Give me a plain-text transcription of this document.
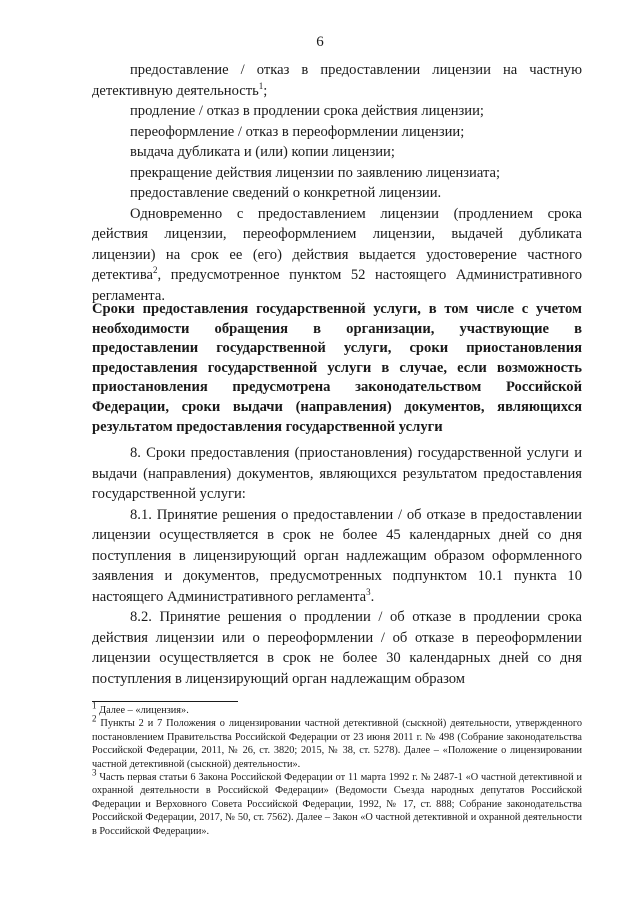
6

предоставление / отказ в предоставлении лицензии на частную детективную деятельность$^1$;

продление / отказ в продлении срока действия лицензии;

переоформление / отказ в переоформлении лицензии;

выдача дубликата и (или) копии лицензии;

прекращение действия лицензии по заявлению лицензиата;

предоставление сведений о конкретной лицензии.

Одновременно с предоставлением лицензии (продлением срока действия лицензии, переоформлением лицензии, выдачей дубликата лицензии) на срок ее (его) действия выдается удостоверение частного детектива$^2$, предусмотренное пунктом 52 настоящего Административного регламента.

Сроки предоставления государственной услуги, в том числе с учетом необходимости обращения в организации, участвующие в предоставлении государственной услуги, сроки приостановления предоставления государственной услуги в случае, если возможность приостановления предусмотрена законодательством Российской Федерации, сроки выдачи (направления) документов, являющихся результатом предоставления государственной услуги

8. Сроки предоставления (приостановления) государственной услуги и выдачи (направления) документов, являющихся результатом предоставления государственной услуги:

8.1. Принятие решения о предоставлении / об отказе в предоставлении лицензии осуществляется в срок не более 45 календарных дней со дня поступления в лицензирующий орган надлежащим образом оформленного заявления и документов, предусмотренных подпунктом 10.1 пункта 10 настоящего Административного регламента$^3$.

8.2. Принятие решения о продлении / об отказе в продлении срока действия лицензии или о переоформлении / об отказе в переоформлении лицензии осуществляется в срок не более 30 календарных дней со дня поступления в лицензирующий орган надлежащим образом

$^1$ Далее – «лицензия».

$^2$ Пункты 2 и 7 Положения о лицензировании частной детективной (сыскной) деятельности, утвержденного постановлением Правительства Российской Федерации от 23 июня 2011 г. № 498 (Собрание законодательства Российской Федерации, 2011, № 26, ст. 3820; 2015, № 38, ст. 5278). Далее – «Положение о лицензировании частной детективной (сыскной) деятельности».

$^3$ Часть первая статьи 6 Закона Российской Федерации от 11 марта 1992 г. № 2487-1 «О частной детективной и охранной деятельности в Российской Федерации» (Ведомости Съезда народных депутатов Российской Федерации и Верховного Совета Российской Федерации, 1992, № 17, ст. 888; Собрание законодательства Российской Федерации, 2017, № 50, ст. 7562). Далее – Закон «О частной детективной и охранной деятельности в Российской Федерации».
